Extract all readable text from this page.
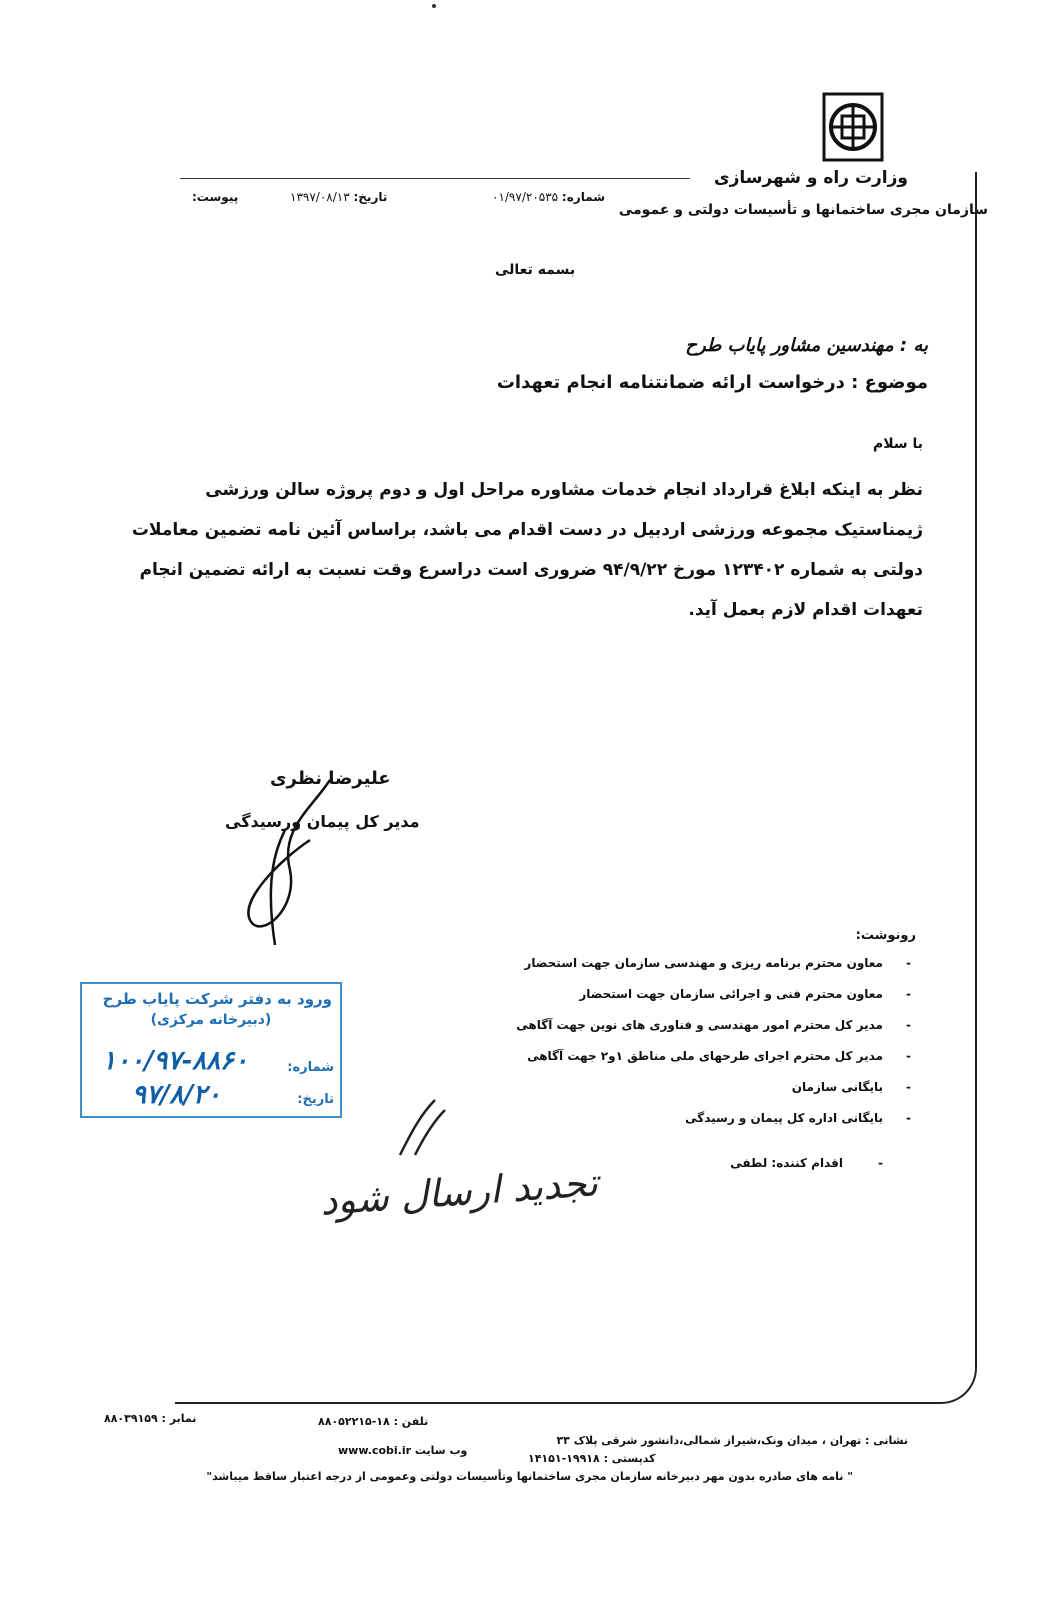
وزارت راه و شهرسازی
سازمان مجری ساختمانها و تأسیسات دولتی و عمومی
شماره: ۰۱/۹۷/۲۰۵۳۵
تاریخ: ۱۳۹۷/۰۸/۱۳
پیوست:
بسمه تعالی
به : مهندسین مشاور پایاب طرح
موضوع : درخواست ارائه ضمانتنامه انجام تعهدات
با سلام
نظر به اینکه ابلاغ قرارداد انجام خدمات مشاوره مراحل اول و دوم پروژه سالن ورزشی
ژیمناستیک مجموعه ورزشی اردبیل در دست اقدام می باشد، براساس آئین نامه تضمین معاملات
دولتی به شماره ۱۲۳۴۰۲ مورخ ۹۴/۹/۲۲ ضروری است دراسرع وقت نسبت به ارائه تضمین انجام
تعهدات اقدام لازم بعمل آید.
علیرضا نظری
مدیر کل پیمان ورسیدگی
رونوشت:
معاون محترم برنامه ریزی و مهندسی سازمان جهت استحضار -
معاون محترم فنی و اجرائی سازمان جهت استحضار -
مدیر کل محترم امور مهندسی و فناوری های نوین جهت آگاهی -
مدیر کل محترم اجرای طرحهای ملی مناطق ۱و۲ جهت آگاهی -
بایگانی سازمان -
بایگانی اداره کل پیمان و رسیدگی -
اقدام کننده: لطفی -
ورود به دفتر شرکت پایاب طرح
(دبیرخانه مرکزی)
شماره:
۱۰۰/۹۷-۸۸۶۰
تاریخ:
۹۷/۸/۲۰
تجدید ارسال شود
نشانی : تهران ، میدان ونک،شیراز شمالی،دانشور شرقی پلاک ۳۳
تلفن : ۱۸-۸۸۰۵۲۲۱۵
نمابر : ۸۸۰۳۹۱۵۹
کدپستی : ۱۹۹۱۸-۱۴۱۵۱
www.cobi.ir وب سایت
" نامه های صادره بدون مهر دبیرخانه سازمان مجری ساختمانها وتأسیسات دولتی وعمومی از درجه اعتبار ساقط میباشد"
